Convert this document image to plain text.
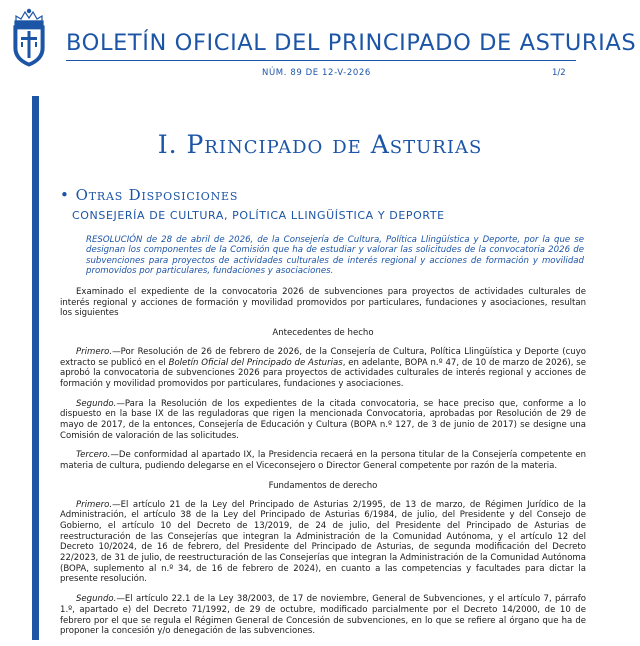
BOLETÍN OFICIAL DEL PRINCIPADO DE ASTURIAS
NÚM. 89 DE 12-V-2026	1/2
I. Principado de Asturias
• Otras Disposiciones
CONSEJERÍA DE CULTURA, POLÍTICA LLINGÜÍSTICA Y DEPORTE

RESOLUCIÓN de 28 de abril de 2026, de la Consejería de Cultura, Política Llingüística y Deporte, por la que se designan los componentes de la Comisión que ha de estudiar y valorar las solicitudes de la convocatoria 2026 de subvenciones para proyectos de actividades culturales de interés regional y acciones de formación y movilidad promovidos por particulares, fundaciones y asociaciones.

Examinado el expediente de la convocatoria 2026 de subvenciones para proyectos de actividades culturales de interés regional y acciones de formación y movilidad promovidos por particulares, fundaciones y asociaciones, resultan los siguientes

Antecedentes de hecho

Primero.—Por Resolución de 26 de febrero de 2026, de la Consejería de Cultura, Política Llingüística y Deporte (cuyo extracto se publicó en el Boletín Oficial del Principado de Asturias, en adelante, BOPA n.º 47, de 10 de marzo de 2026), se aprobó la convocatoria de subvenciones 2026 para proyectos de actividades culturales de interés regional y acciones de formación y movilidad promovidos por particulares, fundaciones y asociaciones.

Segundo.—Para la Resolución de los expedientes de la citada convocatoria, se hace preciso que, conforme a lo dispuesto en la base IX de las reguladoras que rigen la mencionada Convocatoria, aprobadas por Resolución de 29 de mayo de 2017, de la entonces, Consejería de Educación y Cultura (BOPA n.º 127, de 3 de junio de 2017) se designe una Comisión de valoración de las solicitudes.

Tercero.—De conformidad al apartado IX, la Presidencia recaerá en la persona titular de la Consejería competente en materia de cultura, pudiendo delegarse en el Viceconsejero o Director General competente por razón de la materia.

Fundamentos de derecho

Primero.—El artículo 21 de la Ley del Principado de Asturias 2/1995, de 13 de marzo, de Régimen Jurídico de la Administración, el artículo 38 de la Ley del Principado de Asturias 6/1984, de julio, del Presidente y del Consejo de Gobierno, el artículo 10 del Decreto de 13/2019, de 24 de julio, del Presidente del Principado de Asturias de reestructuración de las Consejerías que integran la Administración de la Comunidad Autónoma, y el artículo 12 del Decreto 10/2024, de 16 de febrero, del Presidente del Principado de Asturias, de segunda modificación del Decreto 22/2023, de 31 de julio, de reestructuración de las Consejerías que integran la Administración de la Comunidad Autónoma (BOPA, suplemento al n.º 34, de 16 de febrero de 2024), en cuanto a las competencias y facultades para dictar la presente resolución.

Segundo.—El artículo 22.1 de la Ley 38/2003, de 17 de noviembre, General de Subvenciones, y el artículo 7, párrafo 1.º, apartado e) del Decreto 71/1992, de 29 de octubre, modificado parcialmente por el Decreto 14/2000, de 10 de febrero por el que se regula el Régimen General de Concesión de subvenciones, en lo que se refiere al órgano que ha de proponer la concesión y/o denegación de las subvenciones.
